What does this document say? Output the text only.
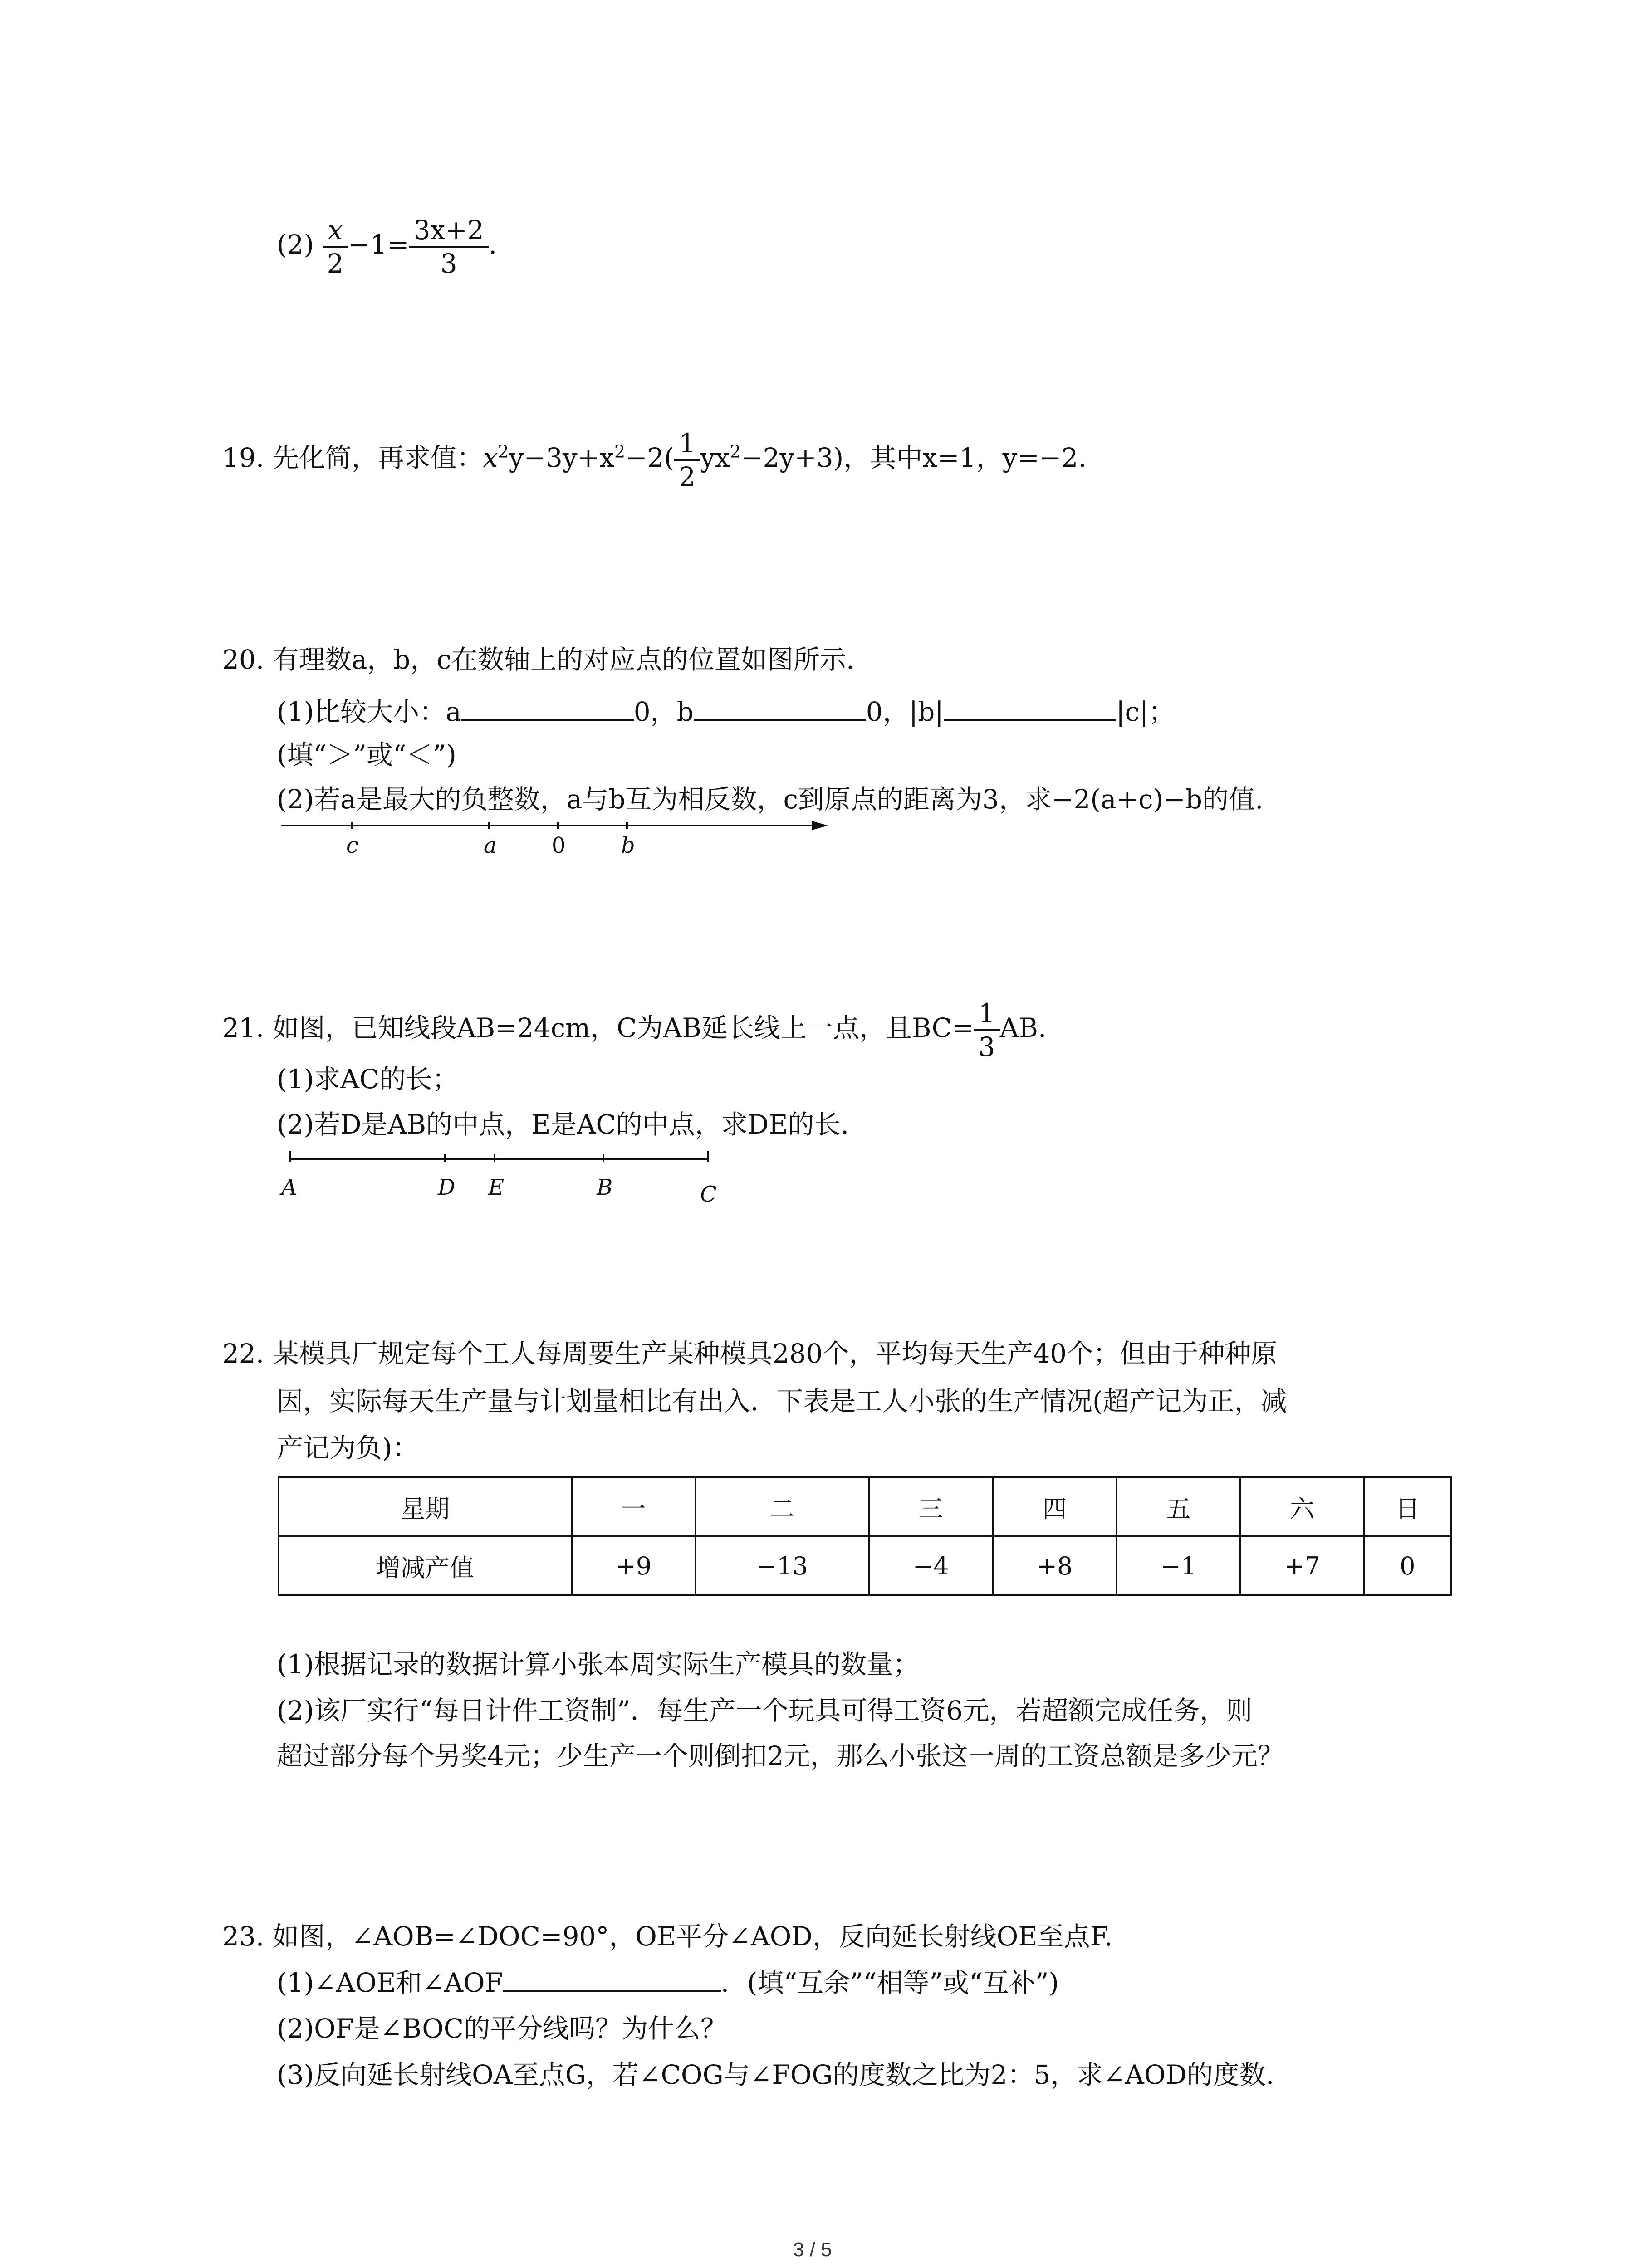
$(2) \frac{x}{2} -1= \frac{3x+2}{3}$ .
19. 先化简，再求值：$x^2y-3y+x^2-2( \frac{1}{2} yx^2-2y+3)$，其中x=1，y=−2.
20. 有理数a，b，c在数轴上的对应点的位置如图所示.
(1)比较大小：a	0，b	0，|b|	|c|；
(填“＞”或“＜”)
(2)若a是最大的负整数，a与b互为相反数，c到原点的距离为3，求−2(a+c)−b的值.
c	a	0	b
21. 如图，已知线段AB=24cm，C为AB延长线上一点，且$BC= \frac{1}{3}$ AB.
(1)求AC的长；
(2)若D是AB的中点，E是AC的中点，求DE的长.
A	D E	B	C
22. 某模具厂规定每个工人每周要生产某种模具280个，平均每天生产40个；但由于种种原
因，实际每天生产量与计划量相比有出入．下表是工人小张的生产情况(超产记为正，减
产记为负)：
星期	一	二	三	四	五	六	日
增减产值	+9	−13	−4	+8	−1	+7	0
(1)根据记录的数据计算小张本周实际生产模具的数量；
(2)该厂实行“每日计件工资制”．每生产一个玩具可得工资6元，若超额完成任务，则
超过部分每个另奖4元；少生产一个则倒扣2元，那么小张这一周的工资总额是多少元？
23. 如图，∠AOB=∠DOC=90°，OE平分∠AOD，反向延长射线OE至点F.
(1)∠AOE和∠AOF	．(填“互余”“相等”或“互补”)
(2)OF是∠BOC的平分线吗？为什么？
(3)反向延长射线OA至点G，若∠COG与∠FOG的度数之比为2：5，求∠AOD的度数.
3 / 5
